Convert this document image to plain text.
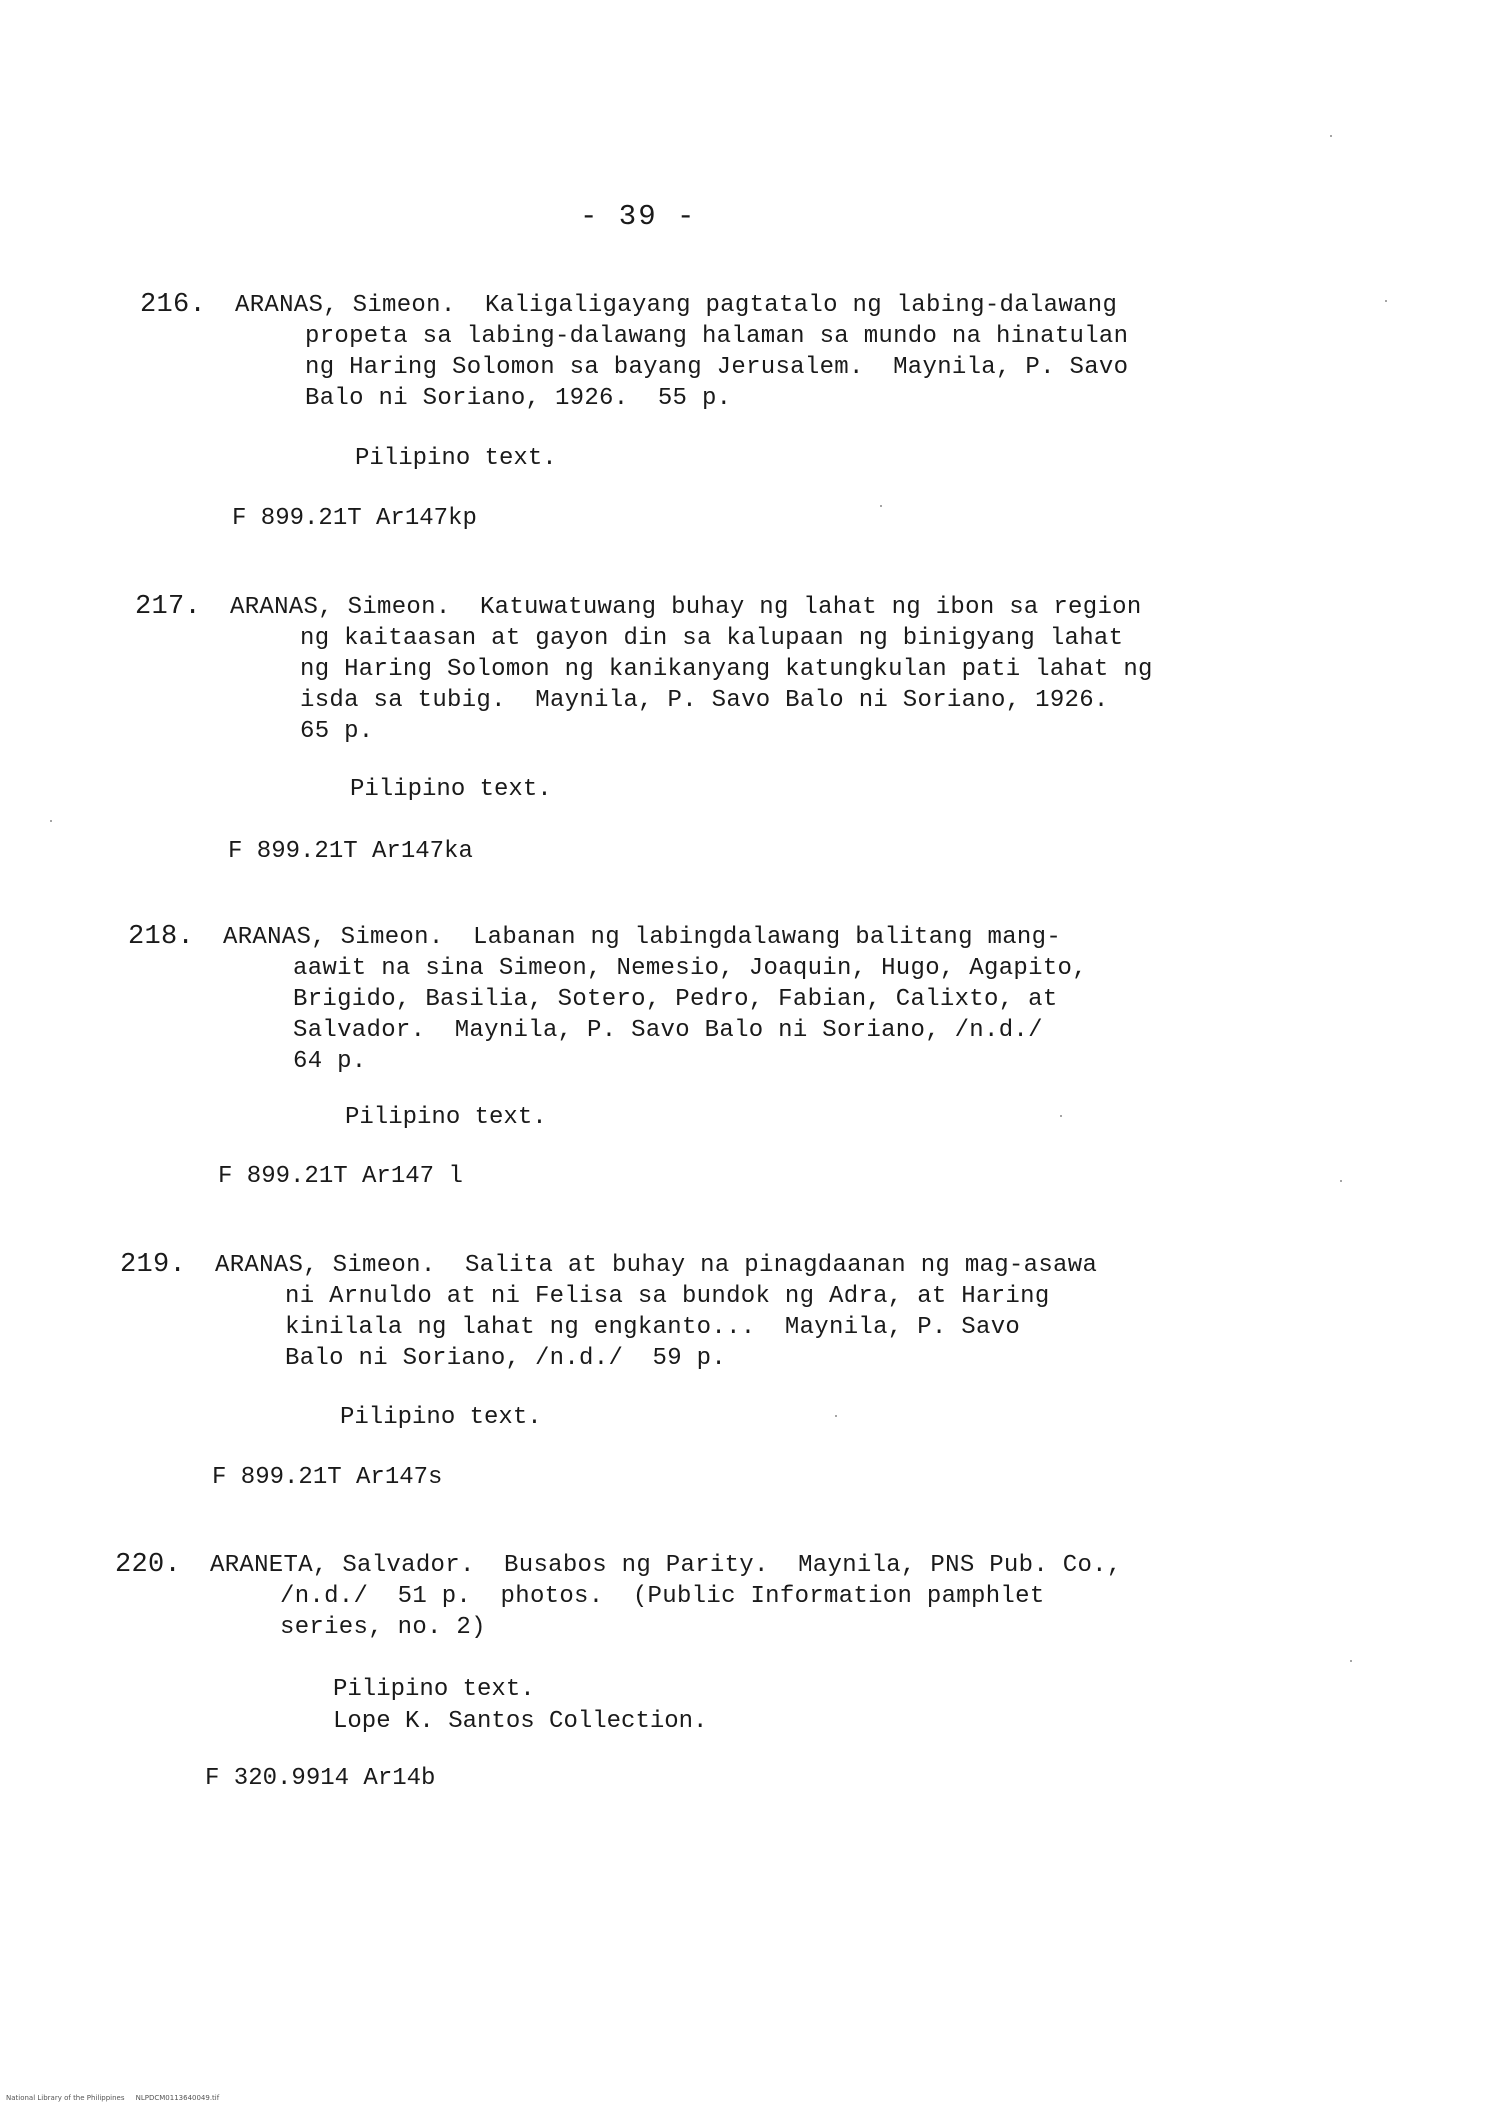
- 39 -
216. ARANAS, Simeon.  Kaligaligayang pagtatalo ng labing-dalawang
propeta sa labing-dalawang halaman sa mundo na hinatulan
ng Haring Solomon sa bayang Jerusalem.  Maynila, P. Savo
Balo ni Soriano, 1926.  55 p.
Pilipino text.
F 899.21T Ar147kp
217. ARANAS, Simeon.  Katuwatuwang buhay ng lahat ng ibon sa region
ng kaitaasan at gayon din sa kalupaan ng binigyang lahat
ng Haring Solomon ng kanikanyang katungkulan pati lahat ng
isda sa tubig.  Maynila, P. Savo Balo ni Soriano, 1926.
65 p.
Pilipino text.
F 899.21T Ar147ka
218. ARANAS, Simeon.  Labanan ng labingdalawang balitang mang-
aawit na sina Simeon, Nemesio, Joaquin, Hugo, Agapito,
Brigido, Basilia, Sotero, Pedro, Fabian, Calixto, at
Salvador.  Maynila, P. Savo Balo ni Soriano, /n.d./
64 p.
Pilipino text.
F 899.21T Ar147 l
219. ARANAS, Simeon.  Salita at buhay na pinagdaanan ng mag-asawa
ni Arnuldo at ni Felisa sa bundok ng Adra, at Haring
kinilala ng lahat ng engkanto...  Maynila, P. Savo
Balo ni Soriano, /n.d./  59 p.
Pilipino text.
F 899.21T Ar147s
220. ARANETA, Salvador.  Busabos ng Parity.  Maynila, PNS Pub. Co.,
/n.d./  51 p.  photos.  (Public Information pamphlet
series, no. 2)
Pilipino text.
Lope K. Santos Collection.
F 320.9914 Ar14b
National Library of the Philippines     NLPDCM0113640049.tif
